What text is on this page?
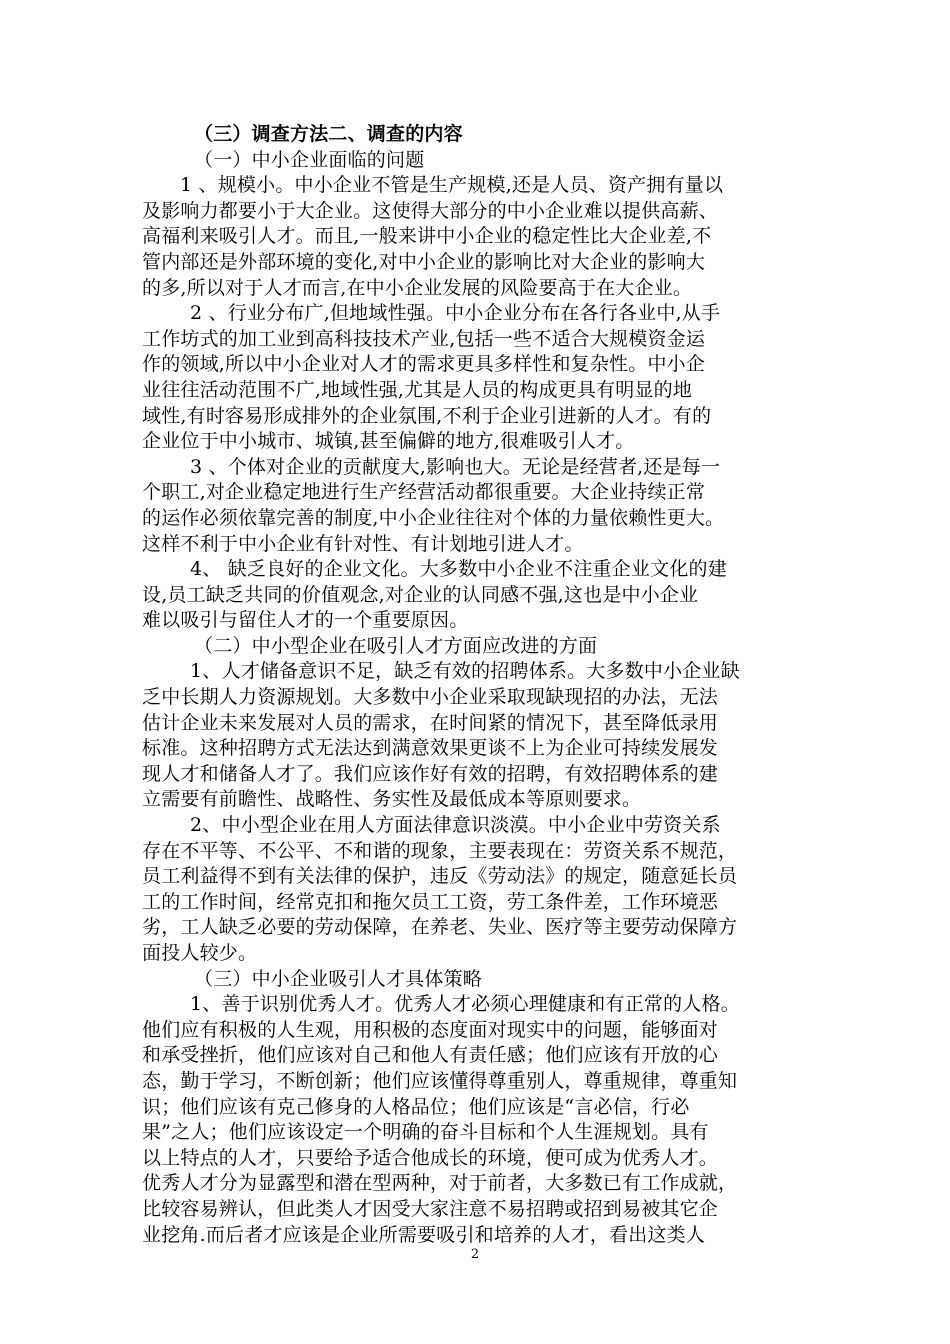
（三）调查方法二、调查的内容
（一）中小企业面临的问题
1 、规模小。中小企业不管是生产规模,还是人员、资产拥有量以
及影响力都要小于大企业。这使得大部分的中小企业难以提供高薪、
高福利来吸引人才。而且,一般来讲中小企业的稳定性比大企业差,不
管内部还是外部环境的变化,对中小企业的影响比对大企业的影响大
的多,所以对于人才而言,在中小企业发展的风险要高于在大企业。
2 、行业分布广,但地域性强。中小企业分布在各行各业中,从手
工作坊式的加工业到高科技技术产业,包括一些不适合大规模资金运
作的领域,所以中小企业对人才的需求更具多样性和复杂性。中小企
业往往活动范围不广,地域性强,尤其是人员的构成更具有明显的地
域性,有时容易形成排外的企业氛围,不利于企业引进新的人才。有的
企业位于中小城市、城镇,甚至偏僻的地方,很难吸引人才。
3 、个体对企业的贡献度大,影响也大。无论是经营者,还是每一
个职工,对企业稳定地进行生产经营活动都很重要。大企业持续正常
的运作必须依靠完善的制度,中小企业往往对个体的力量依赖性更大。
这样不利于中小企业有针对性、有计划地引进人才。
4、 缺乏良好的企业文化。大多数中小企业不注重企业文化的建
设,员工缺乏共同的价值观念,对企业的认同感不强,这也是中小企业
难以吸引与留住人才的一个重要原因。
（二）中小型企业在吸引人才方面应改进的方面
1、人才储备意识不足，缺乏有效的招聘体系。大多数中小企业缺
乏中长期人力资源规划。大多数中小企业采取现缺现招的办法，无法
估计企业未来发展对人员的需求，在时间紧的情况下，甚至降低录用
标准。这种招聘方式无法达到满意效果更谈不上为企业可持续发展发
现人才和储备人才了。我们应该作好有效的招聘，有效招聘体系的建
立需要有前瞻性、战略性、务实性及最低成本等原则要求。
2、中小型企业在用人方面法律意识淡漠。中小企业中劳资关系
存在不平等、不公平、不和谐的现象，主要表现在：劳资关系不规范，
员工利益得不到有关法律的保护，违反《劳动法》的规定，随意延长员
工的工作时间，经常克扣和拖欠员工工资，劳工条件差，工作环境恶
劣，工人缺乏必要的劳动保障，在养老、失业、医疗等主要劳动保障方
面投人较少。
（三）中小企业吸引人才具体策略
1、善于识别优秀人才。优秀人才必须心理健康和有正常的人格。
他们应有积极的人生观，用积极的态度面对现实中的问题，能够面对
和承受挫折，他们应该对自己和他人有责任感；他们应该有开放的心
态，勤于学习，不断创新；他们应该懂得尊重别人，尊重规律，尊重知
识；他们应该有克己修身的人格品位；他们应该是“言必信，行必
果”之人；他们应该设定一个明确的奋斗目标和个人生涯规划。具有
以上特点的人才，只要给予适合他成长的环境，便可成为优秀人才。
优秀人才分为显露型和潜在型两种，对于前者，大多数已有工作成就，
比较容易辨认，但此类人才因受大家注意不易招聘或招到易被其它企
业挖角.而后者才应该是企业所需要吸引和培养的人才，看出这类人
2
